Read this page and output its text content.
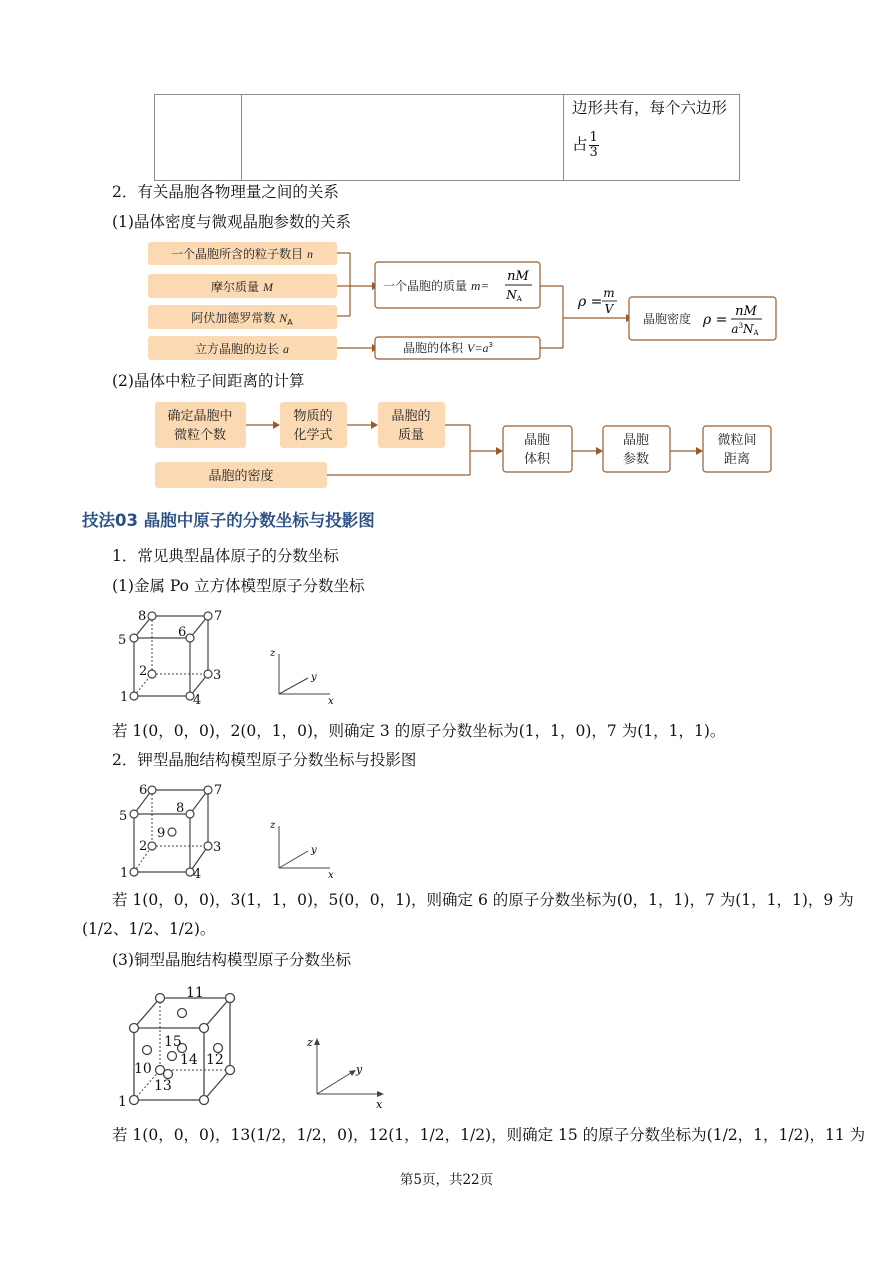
边形共有，每个六边形
占 $\frac{1}{3}$
2．有关晶胞各物理量之间的关系
(1)晶体密度与微观晶胞参数的关系
一个晶胞所含的粒子数目 n
摩尔质量 M
阿伏加德罗常数 $N_A$
立方晶胞的边长 a
一个晶胞的质量 m=
nM
NA
晶胞的体积 $V=a^3$
ρ =
m
V
晶胞密度 ρ =
nM
$a^3NA$
(2)晶体中粒子间距离的计算
确定晶胞中
微粒个数
物质的
化学式
晶胞的
质量
晶胞的密度
晶胞
体积
晶胞
参数
微粒间
距离
技法03 晶胞中原子的分数坐标与投影图
1．常见典型晶体原子的分数坐标
(1)金属 Po 立方体模型原子分数坐标
1
2	3
4
5
6
7
8
z
y
x
若 1(0，0，0)，2(0，1，0)，则确定 3 的原子分数坐标为(1，1，0)，7 为(1，1，1)。
2．钾型晶胞结构模型原子分数坐标与投影图
1
2	3
4
5
6	7
8
9
z
y
x
若 1(0，0，0)，3(1，1，0)，5(0，0，1)，则确定 6 的原子分数坐标为(0，1，1)，7 为(1，1，1)，9 为
(1/2、1/2、1/2)。
(3)铜型晶胞结构模型原子分数坐标
1
10
11
12
13
14
15	z
y
x
若 1(0，0，0)，13(1/2，1/2，0)，12(1，1/2，1/2)，则确定 15 的原子分数坐标为(1/2，1，1/2)，11 为
第5页，共22页
